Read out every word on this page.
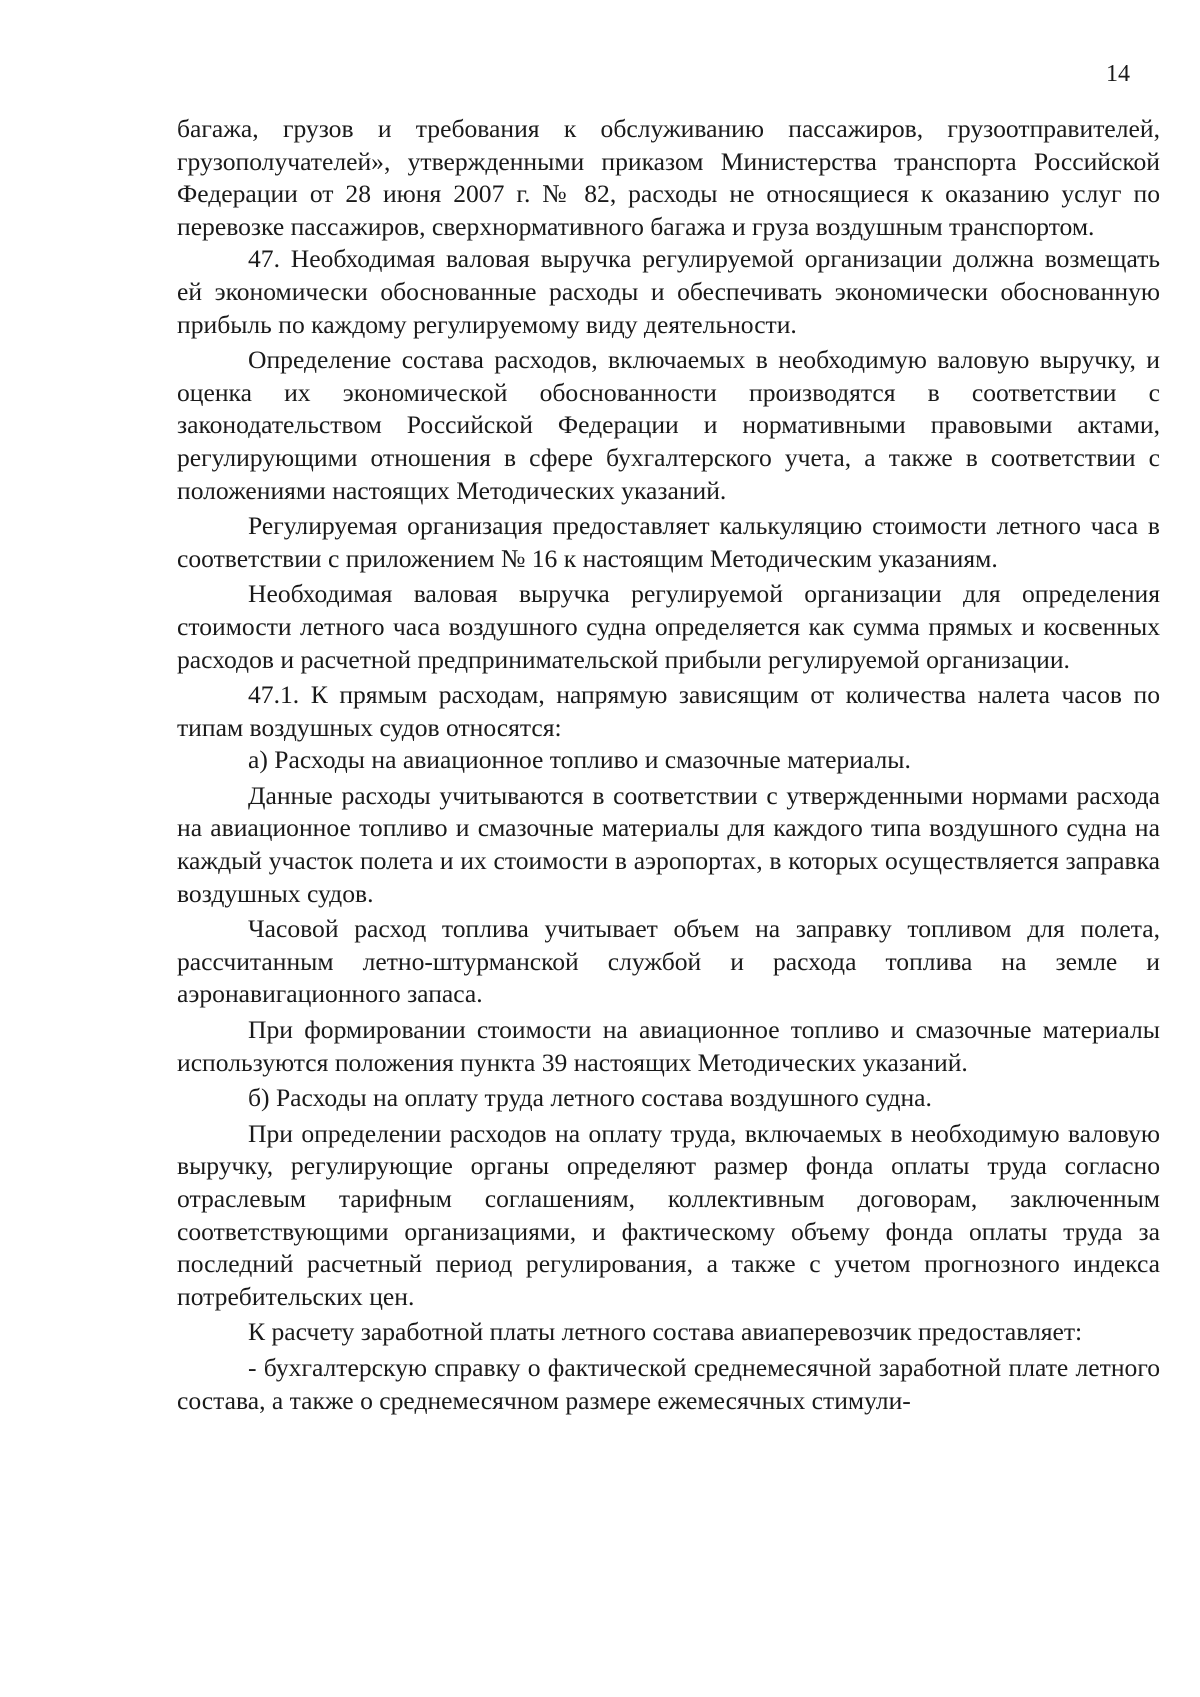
14

багажа, грузов и требования к обслуживанию пассажиров, грузоотправителей, грузополучателей», утвержденными приказом Министерства транспорта Российской Федерации от 28 июня 2007 г. № 82, расходы не относящиеся к оказанию услуг по перевозке пассажиров, сверхнормативного багажа и груза воздушным транспортом.

47. Необходимая валовая выручка регулируемой организации должна возмещать ей экономически обоснованные расходы и обеспечивать экономически обоснованную прибыль по каждому регулируемому виду деятельности.

Определение состава расходов, включаемых в необходимую валовую выручку, и оценка их экономической обоснованности производятся в соответствии с законодательством Российской Федерации и нормативными правовыми актами, регулирующими отношения в сфере бухгалтерского учета, а также в соответствии с положениями настоящих Методических указаний.

Регулируемая организация предоставляет калькуляцию стоимости летного часа в соответствии с приложением № 16 к настоящим Методическим указаниям.

Необходимая валовая выручка регулируемой организации для определения стоимости летного часа воздушного судна определяется как сумма прямых и косвенных расходов и расчетной предпринимательской прибыли регулируемой организации.

47.1. К прямым расходам, напрямую зависящим от количества налета часов по типам воздушных судов относятся:

а) Расходы на авиационное топливо и смазочные материалы.

Данные расходы учитываются в соответствии с утвержденными нормами расхода на авиационное топливо и смазочные материалы для каждого типа воздушного судна на каждый участок полета и их стоимости в аэропортах, в которых осуществляется заправка воздушных судов.

Часовой расход топлива учитывает объем на заправку топливом для полета, рассчитанным летно-штурманской службой и расхода топлива на земле и аэронавигационного запаса.

При формировании стоимости на авиационное топливо и смазочные материалы используются положения пункта 39 настоящих Методических указаний.

б) Расходы на оплату труда летного состава воздушного судна.

При определении расходов на оплату труда, включаемых в необходимую валовую выручку, регулирующие органы определяют размер фонда оплаты труда согласно отраслевым тарифным соглашениям, коллективным договорам, заключенным соответствующими организациями, и фактическому объему фонда оплаты труда за последний расчетный период регулирования, а также с учетом прогнозного индекса потребительских цен.

К расчету заработной платы летного состава авиаперевозчик предоставляет:

- бухгалтерскую справку о фактической среднемесячной заработной плате летного состава, а также о среднемесячном размере ежемесячных стимули-
